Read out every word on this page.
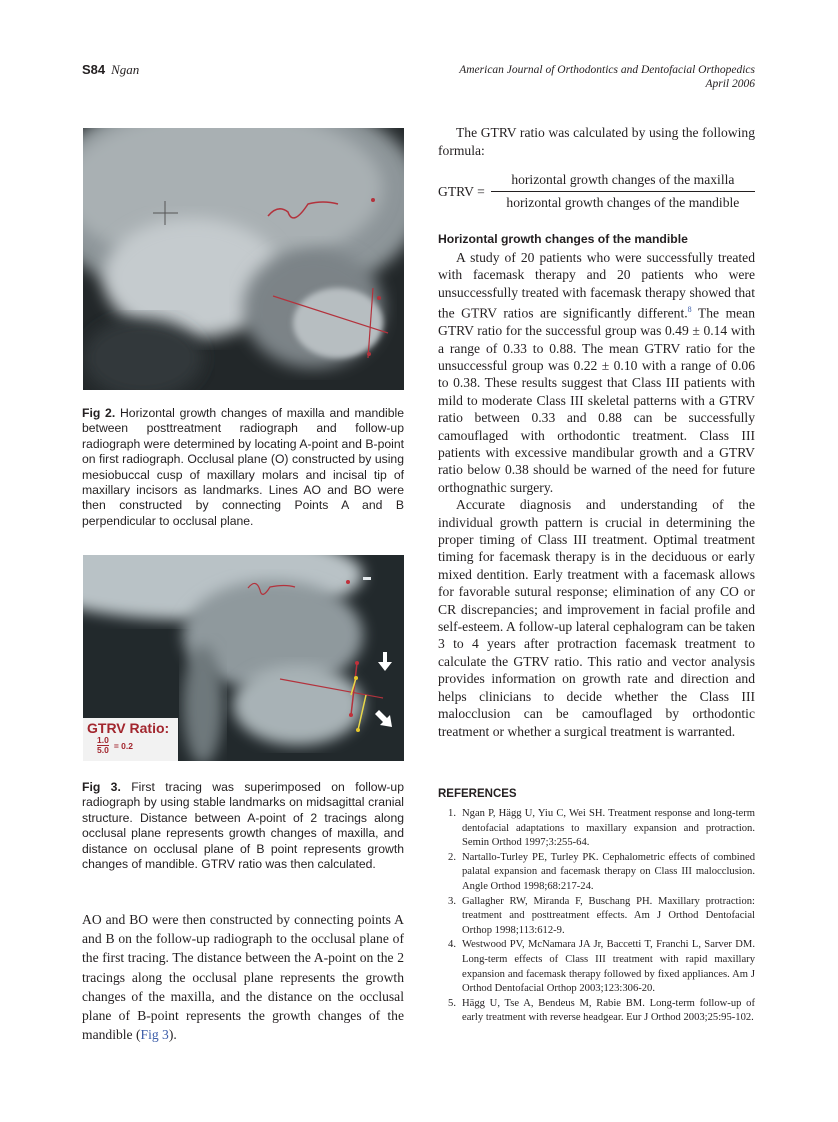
S84 Ngan	American Journal of Orthodontics and Dentofacial Orthopedics
April 2006
Fig 2. Horizontal growth changes of maxilla and mandible between posttreatment radiograph and follow-up radiograph were determined by locating A-point and B-point on first radiograph. Occlusal plane (O) constructed by using mesiobuccal cusp of maxillary molars and incisal tip of maxillary incisors as landmarks. Lines AO and BO were then constructed by connecting Points A and B perpendicular to occlusal plane.
GTRV Ratio:
$\frac{1.0}{5.0} = 0.2$
Fig 3. First tracing was superimposed on follow-up radiograph by using stable landmarks on midsagittal cranial structure. Distance between A-point of 2 tracings along occlusal plane represents growth changes of maxilla, and distance on occlusal plane of B point represents growth changes of mandible. GTRV ratio was then calculated.
AO and BO were then constructed by connecting points A and B on the follow-up radiograph to the occlusal plane of the first tracing. The distance between the A-point on the 2 tracings along the occlusal plane represents the growth changes of the maxilla, and the distance on the occlusal plane of B-point represents the growth changes of the mandible (Fig 3).

The GTRV ratio was calculated by using the following formula:

GTRV = $\frac{\text{horizontal growth changes of the maxilla}}{\text{horizontal growth changes of the mandible}}$
Horizontal growth changes of the mandible

A study of 20 patients who were successfully treated with facemask therapy and 20 patients who were unsuccessfully treated with facemask therapy showed that the GTRV ratios are significantly different.$^8$ The mean GTRV ratio for the successful group was 0.49 ± 0.14 with a range of 0.33 to 0.88. The mean GTRV ratio for the unsuccessful group was 0.22 ± 0.10 with a range of 0.06 to 0.38. These results suggest that Class III patients with mild to moderate Class III skeletal patterns with a GTRV ratio between 0.33 and 0.88 can be successfully camouflaged with orthodontic treatment. Class III patients with excessive mandibular growth and a GTRV ratio below 0.38 should be warned of the need for future orthognathic surgery.

Accurate diagnosis and understanding of the individual growth pattern is crucial in determining the proper timing of Class III treatment. Optimal treatment timing for facemask therapy is in the deciduous or early mixed dentition. Early treatment with a facemask allows for favorable sutural response; elimination of any CO or CR discrepancies; and improvement in facial profile and self-esteem. A follow-up lateral cephalogram can be taken 3 to 4 years after protraction facemask treatment to calculate the GTRV ratio. This ratio and vector analysis provides information on growth rate and direction and helps clinicians to decide whether the Class III malocclusion can be camouflaged by orthodontic treatment or whether a surgical treatment is warranted.

REFERENCES
1. Ngan P, Hägg U, Yiu C, Wei SH. Treatment response and long-term dentofacial adaptations to maxillary expansion and protraction. Semin Orthod 1997;3:255-64.
2. Nartallo-Turley PE, Turley PK. Cephalometric effects of combined palatal expansion and facemask therapy on Class III malocclusion. Angle Orthod 1998;68:217-24.
3. Gallagher RW, Miranda F, Buschang PH. Maxillary protraction: treatment and posttreatment effects. Am J Orthod Dentofacial Orthop 1998;113:612-9.
4. Westwood PV, McNamara JA Jr, Baccetti T, Franchi L, Sarver DM. Long-term effects of Class III treatment with rapid maxillary expansion and facemask therapy followed by fixed appliances. Am J Orthod Dentofacial Orthop 2003;123:306-20.
5. Hägg U, Tse A, Bendeus M, Rabie BM. Long-term follow-up of early treatment with reverse headgear. Eur J Orthod 2003;25:95-102.
